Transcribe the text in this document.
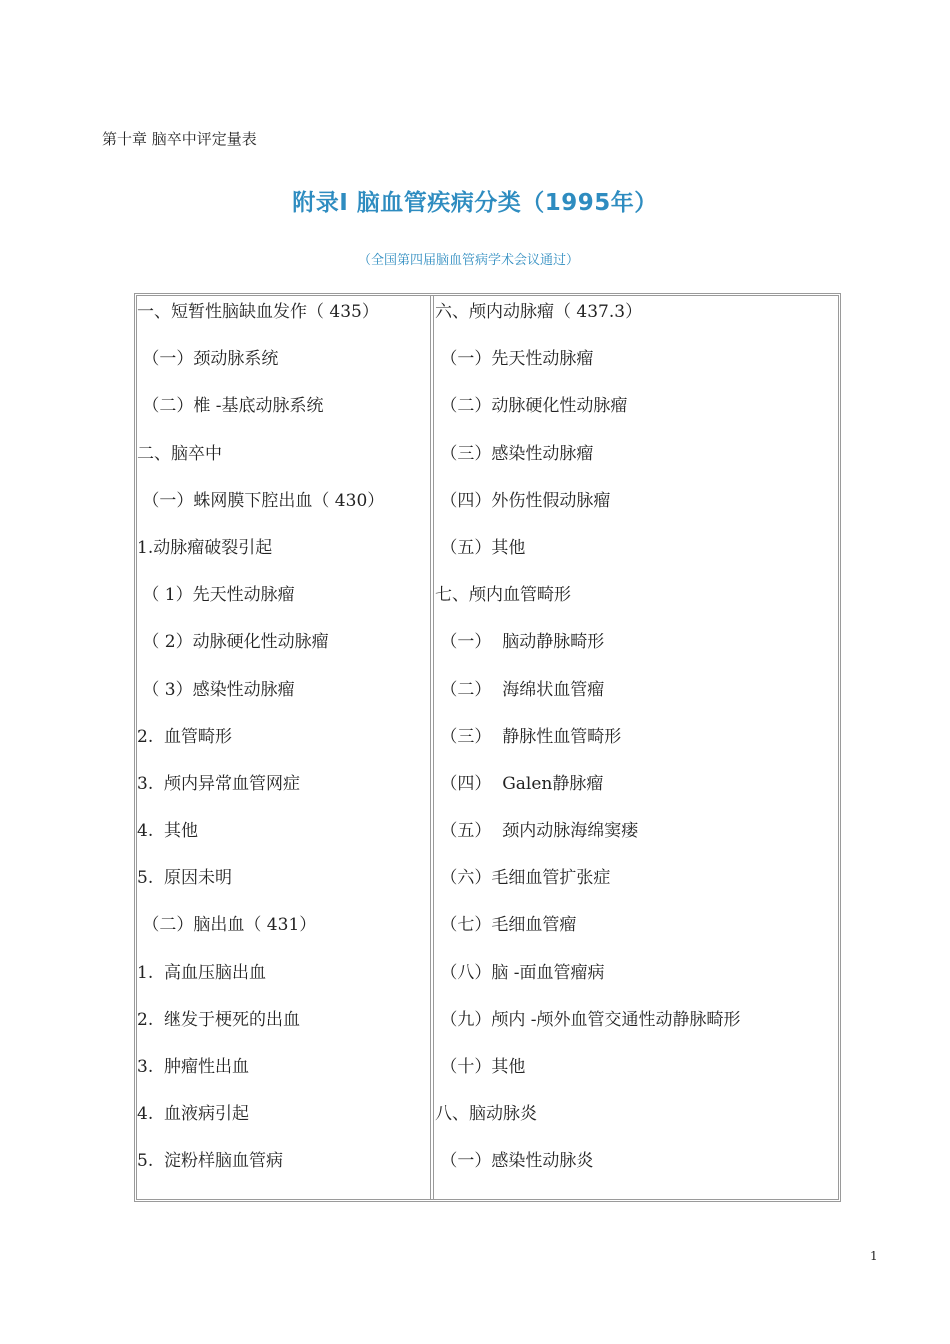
第十章 脑卒中评定量表
附录Ⅰ 脑血管疾病分类（1995年）
（全国第四届脑血管病学术会议通过）
一、短暂性脑缺血发作（ 435）
（一）颈动脉系统
（二）椎 -基底动脉系统
二、脑卒中
（一）蛛网膜下腔出血（ 430）
1.动脉瘤破裂引起
（ 1）先天性动脉瘤
（ 2）动脉硬化性动脉瘤
（ 3）感染性动脉瘤
2.  血管畸形
3.  颅内异常血管网症
4.  其他
5.  原因未明
（二）脑出血（ 431）
1.  高血压脑出血
2.  继发于梗死的出血
3.  肿瘤性出血
4.  血液病引起
5.  淀粉样脑血管病
六、颅内动脉瘤（ 437.3）
（一）先天性动脉瘤
（二）动脉硬化性动脉瘤
（三）感染性动脉瘤
（四）外伤性假动脉瘤
（五）其他
七、颅内血管畸形
（一）  脑动静脉畸形
（二）  海绵状血管瘤
（三）  静脉性血管畸形
（四）  Galen静脉瘤
（五）  颈内动脉海绵窦瘘
（六）毛细血管扩张症
（七）毛细血管瘤
（八）脑 -面血管瘤病
（九）颅内 -颅外血管交通性动静脉畸形
（十）其他
八、脑动脉炎
（一）感染性动脉炎
1
